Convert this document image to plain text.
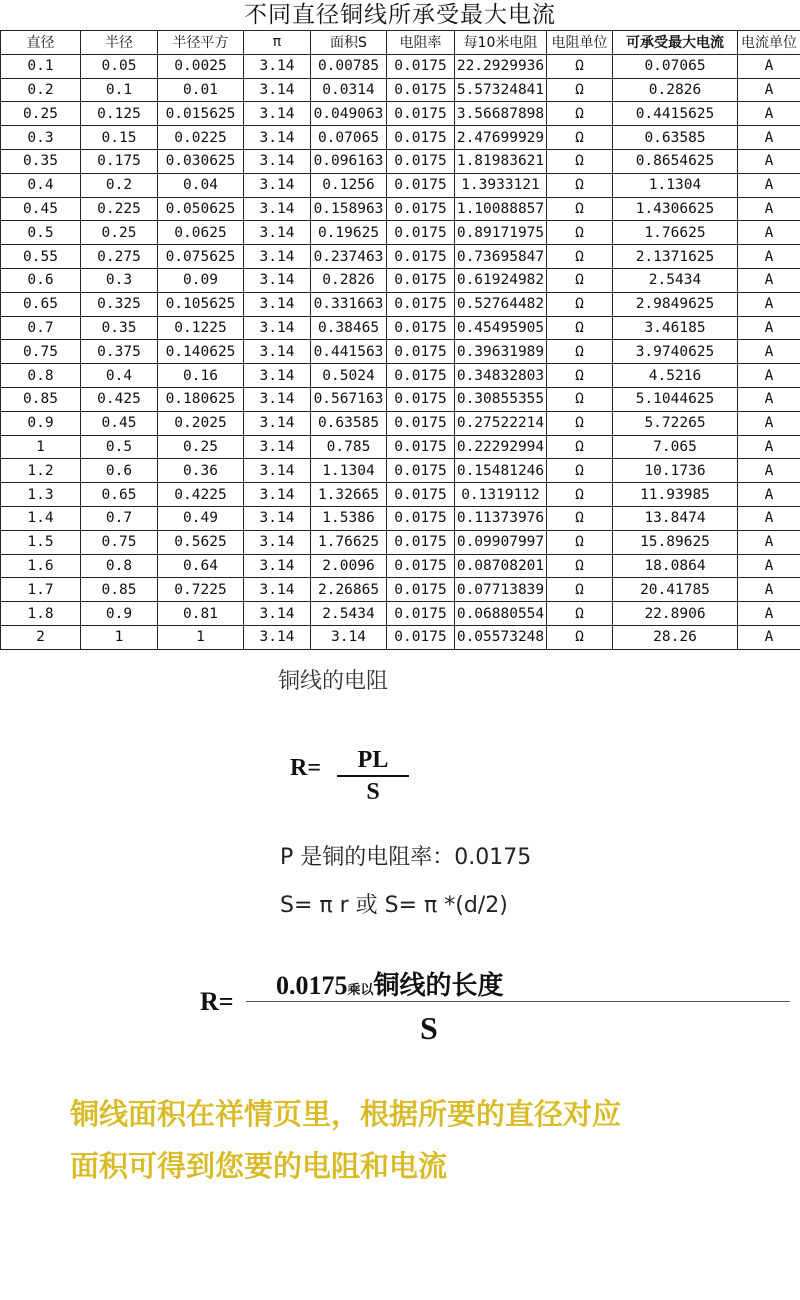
不同直径铜线所承受最大电流
直径	半径	半径平方	π	面积S	电阻率	每10米电阻	电阻单位	可承受最大电流	电流单位
0.1	0.05	0.0025	3.14	0.00785	0.0175	22.2929936	Ω	0.07065	A
0.2	0.1	0.01	3.14	0.0314	0.0175	5.57324841	Ω	0.2826	A
0.25	0.125	0.015625	3.14	0.049063	0.0175	3.56687898	Ω	0.4415625	A
0.3	0.15	0.0225	3.14	0.07065	0.0175	2.47699929	Ω	0.63585	A
0.35	0.175	0.030625	3.14	0.096163	0.0175	1.81983621	Ω	0.8654625	A
0.4	0.2	0.04	3.14	0.1256	0.0175	1.3933121	Ω	1.1304	A
0.45	0.225	0.050625	3.14	0.158963	0.0175	1.10088857	Ω	1.4306625	A
0.5	0.25	0.0625	3.14	0.19625	0.0175	0.89171975	Ω	1.76625	A
0.55	0.275	0.075625	3.14	0.237463	0.0175	0.73695847	Ω	2.1371625	A
0.6	0.3	0.09	3.14	0.2826	0.0175	0.61924982	Ω	2.5434	A
0.65	0.325	0.105625	3.14	0.331663	0.0175	0.52764482	Ω	2.9849625	A
0.7	0.35	0.1225	3.14	0.38465	0.0175	0.45495905	Ω	3.46185	A
0.75	0.375	0.140625	3.14	0.441563	0.0175	0.39631989	Ω	3.9740625	A
0.8	0.4	0.16	3.14	0.5024	0.0175	0.34832803	Ω	4.5216	A
0.85	0.425	0.180625	3.14	0.567163	0.0175	0.30855355	Ω	5.1044625	A
0.9	0.45	0.2025	3.14	0.63585	0.0175	0.27522214	Ω	5.72265	A
1	0.5	0.25	3.14	0.785	0.0175	0.22292994	Ω	7.065	A
1.2	0.6	0.36	3.14	1.1304	0.0175	0.15481246	Ω	10.1736	A
1.3	0.65	0.4225	3.14	1.32665	0.0175	0.1319112	Ω	11.93985	A
1.4	0.7	0.49	3.14	1.5386	0.0175	0.11373976	Ω	13.8474	A
1.5	0.75	0.5625	3.14	1.76625	0.0175	0.09907997	Ω	15.89625	A
1.6	0.8	0.64	3.14	2.0096	0.0175	0.08708201	Ω	18.0864	A
1.7	0.85	0.7225	3.14	2.26865	0.0175	0.07713839	Ω	20.41785	A
1.8	0.9	0.81	3.14	2.5434	0.0175	0.06880554	Ω	22.8906	A
2	1	1	3.14	3.14	0.0175	0.05573248	Ω	28.26	A
铜线的电阻
R=	PL
S
P 是铜的电阻率：0.0175
S= π r 或 S= π *(d/2)
R=
0.0175乘以铜线的长度
S
铜线面积在祥情页里，根据所要的直径对应
面积可得到您要的电阻和电流
